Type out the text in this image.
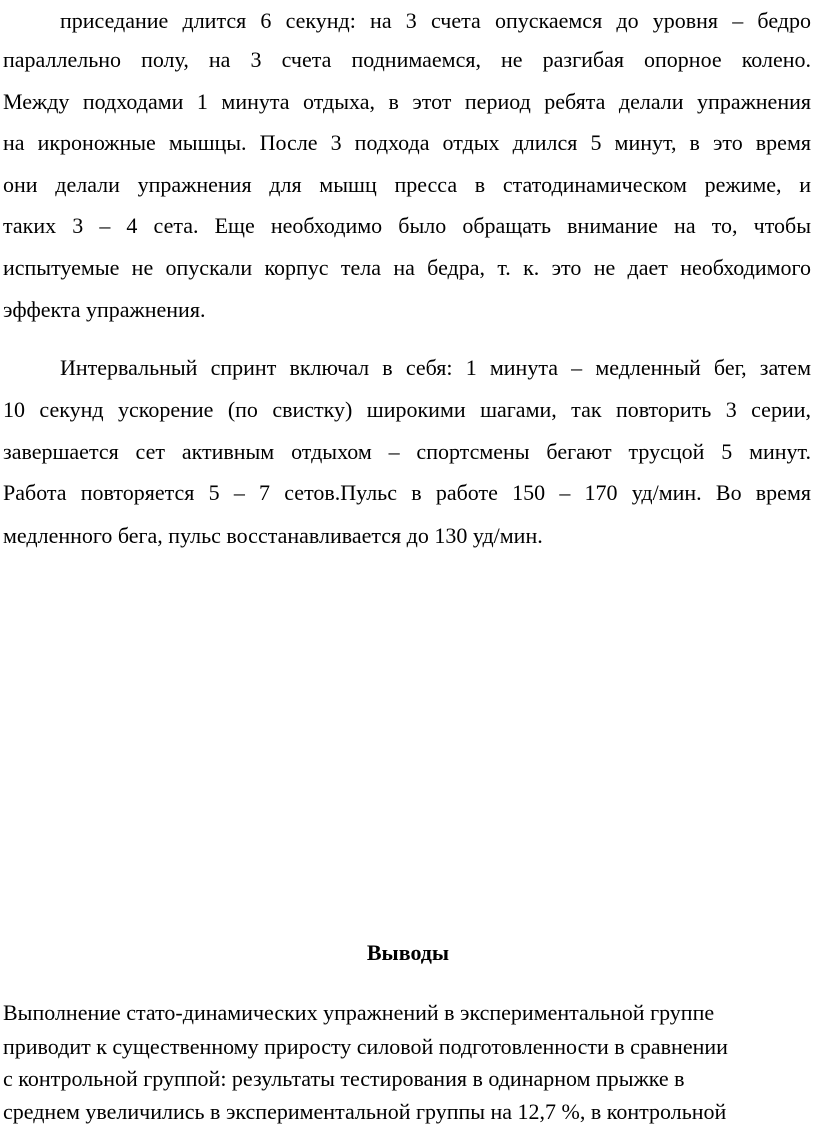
приседание длится 6 секунд: на 3 счета опускаемся до уровня – бедро

параллельно полу, на 3 счета поднимаемся, не разгибая опорное колено.

Между подходами 1 минута отдыха, в этот период ребята делали упражнения

на икроножные мышцы. После 3 подхода отдых длился 5 минут, в это время

они делали упражнения для мышц пресса в статодинамическом режиме, и

таких 3 – 4 сета. Еще необходимо было обращать внимание на то, чтобы

испытуемые не опускали корпус тела на бедра, т. к. это не дает необходимого

эффекта упражнения.

Интервальный спринт включал в себя: 1 минута – медленный бег, затем

10 секунд ускорение (по свистку) широкими шагами, так повторить 3 серии,

завершается сет активным отдыхом – спортсмены бегают трусцой 5 минут.

Работа повторяется 5 – 7 сетов.Пульс в работе 150 – 170 уд/мин. Во время

медленного бега, пульс восстанавливается до 130 уд/мин.

Выводы

Выполнение стато-динамических упражнений в экспериментальной группе

приводит к существенному приросту силовой подготовленности в сравнении

с контрольной группой: результаты тестирования в одинарном прыжке в

среднем увеличились в экспериментальной группы на 12,7 %, в контрольной
